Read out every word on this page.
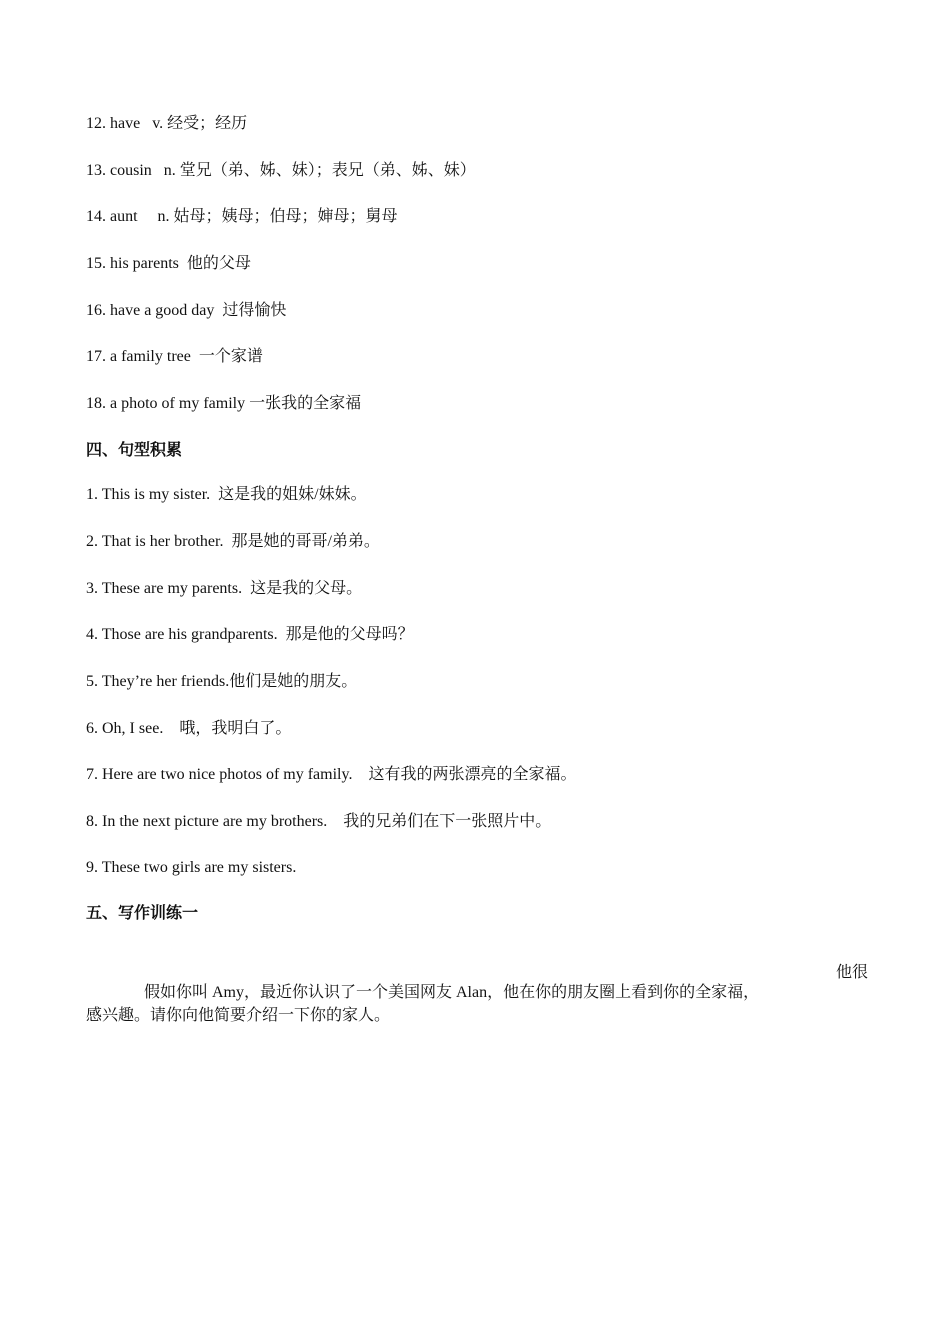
12. have   v. 经受；经历
13. cousin   n. 堂兄（弟、姊、妹）；表兄（弟、姊、妹）
14. aunt     n. 姑母；姨母；伯母；婶母；舅母
15. his parents  他的父母
16. have a good day  过得愉快
17. a family tree  一个家谱
18. a photo of my family 一张我的全家福
四、句型积累
1. This is my sister.  这是我的姐妹/妹妹。
2. That is her brother.  那是她的哥哥/弟弟。
3. These are my parents.  这是我的父母。
4. Those are his grandparents.  那是他的父母吗？
5. They’re her friends.他们是她的朋友。
6. Oh, I see.    哦，我明白了。
7. Here are two nice photos of my family.    这有我的两张漂亮的全家福。
8. In the next picture are my brothers.    我的兄弟们在下一张照片中。
9. These two girls are my sisters.
五、写作训练一

假如你叫 Amy，最近你认识了一个美国网友 Alan，他在你的朋友圈上看到你的全家福，

他很

感兴趣。请你向他简要介绍一下你的家人。
